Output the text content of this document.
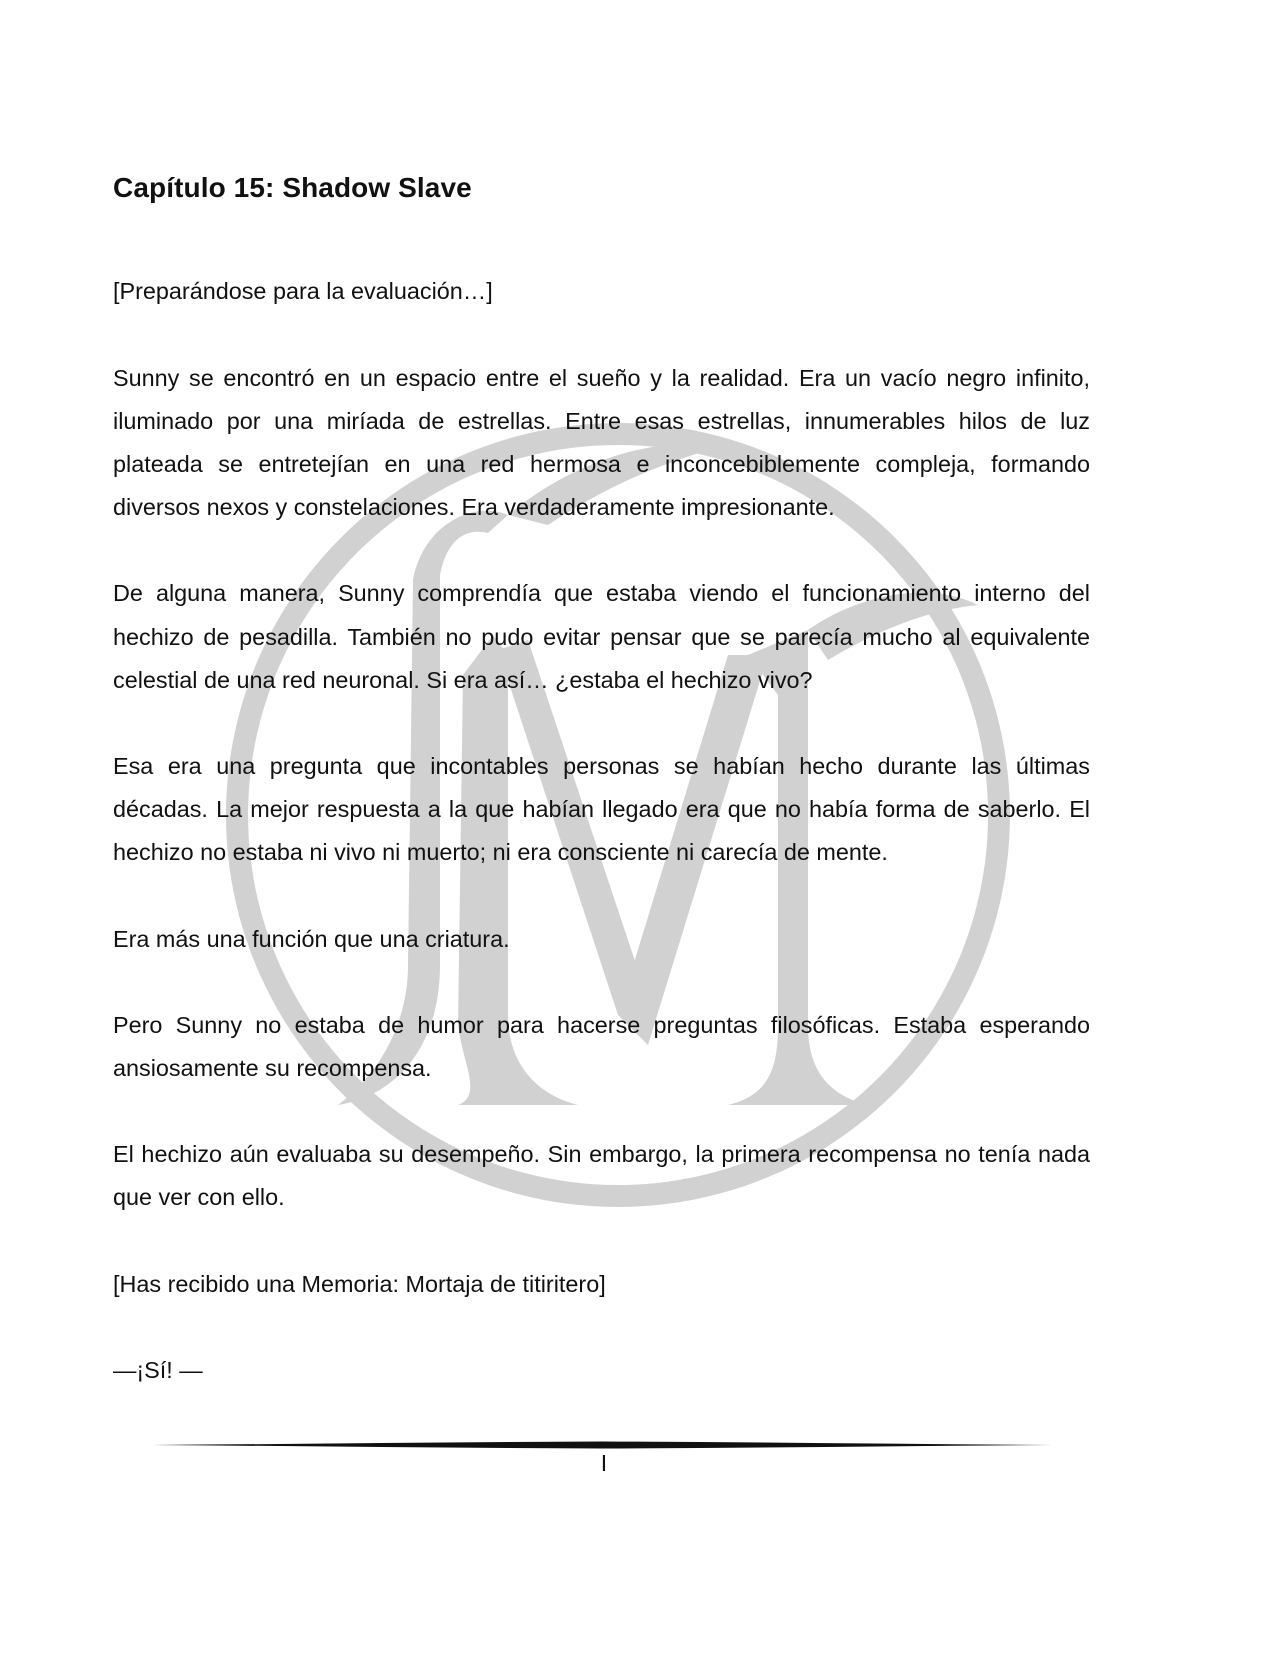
Capítulo 15: Shadow Slave

[Preparándose para la evaluación…]

Sunny se encontró en un espacio entre el sueño y la realidad. Era un vacío negro infinito, iluminado por una miríada de estrellas. Entre esas estrellas, innumerables hilos de luz plateada se entretejían en una red hermosa e inconcebiblemente compleja, formando diversos nexos y constelaciones. Era verdaderamente impresionante.

De alguna manera, Sunny comprendía que estaba viendo el funcionamiento interno del hechizo de pesadilla. También no pudo evitar pensar que se parecía mucho al equivalente celestial de una red neuronal. Si era así… ¿estaba el hechizo vivo?

Esa era una pregunta que incontables personas se habían hecho durante las últimas décadas. La mejor respuesta a la que habían llegado era que no había forma de saberlo. El hechizo no estaba ni vivo ni muerto; ni era consciente ni carecía de mente.

Era más una función que una criatura.

Pero Sunny no estaba de humor para hacerse preguntas filosóficas. Estaba esperando ansiosamente su recompensa.

El hechizo aún evaluaba su desempeño. Sin embargo, la primera recompensa no tenía nada que ver con ello.

[Has recibido una Memoria: Mortaja de titiritero]

—¡Sí! —

I
